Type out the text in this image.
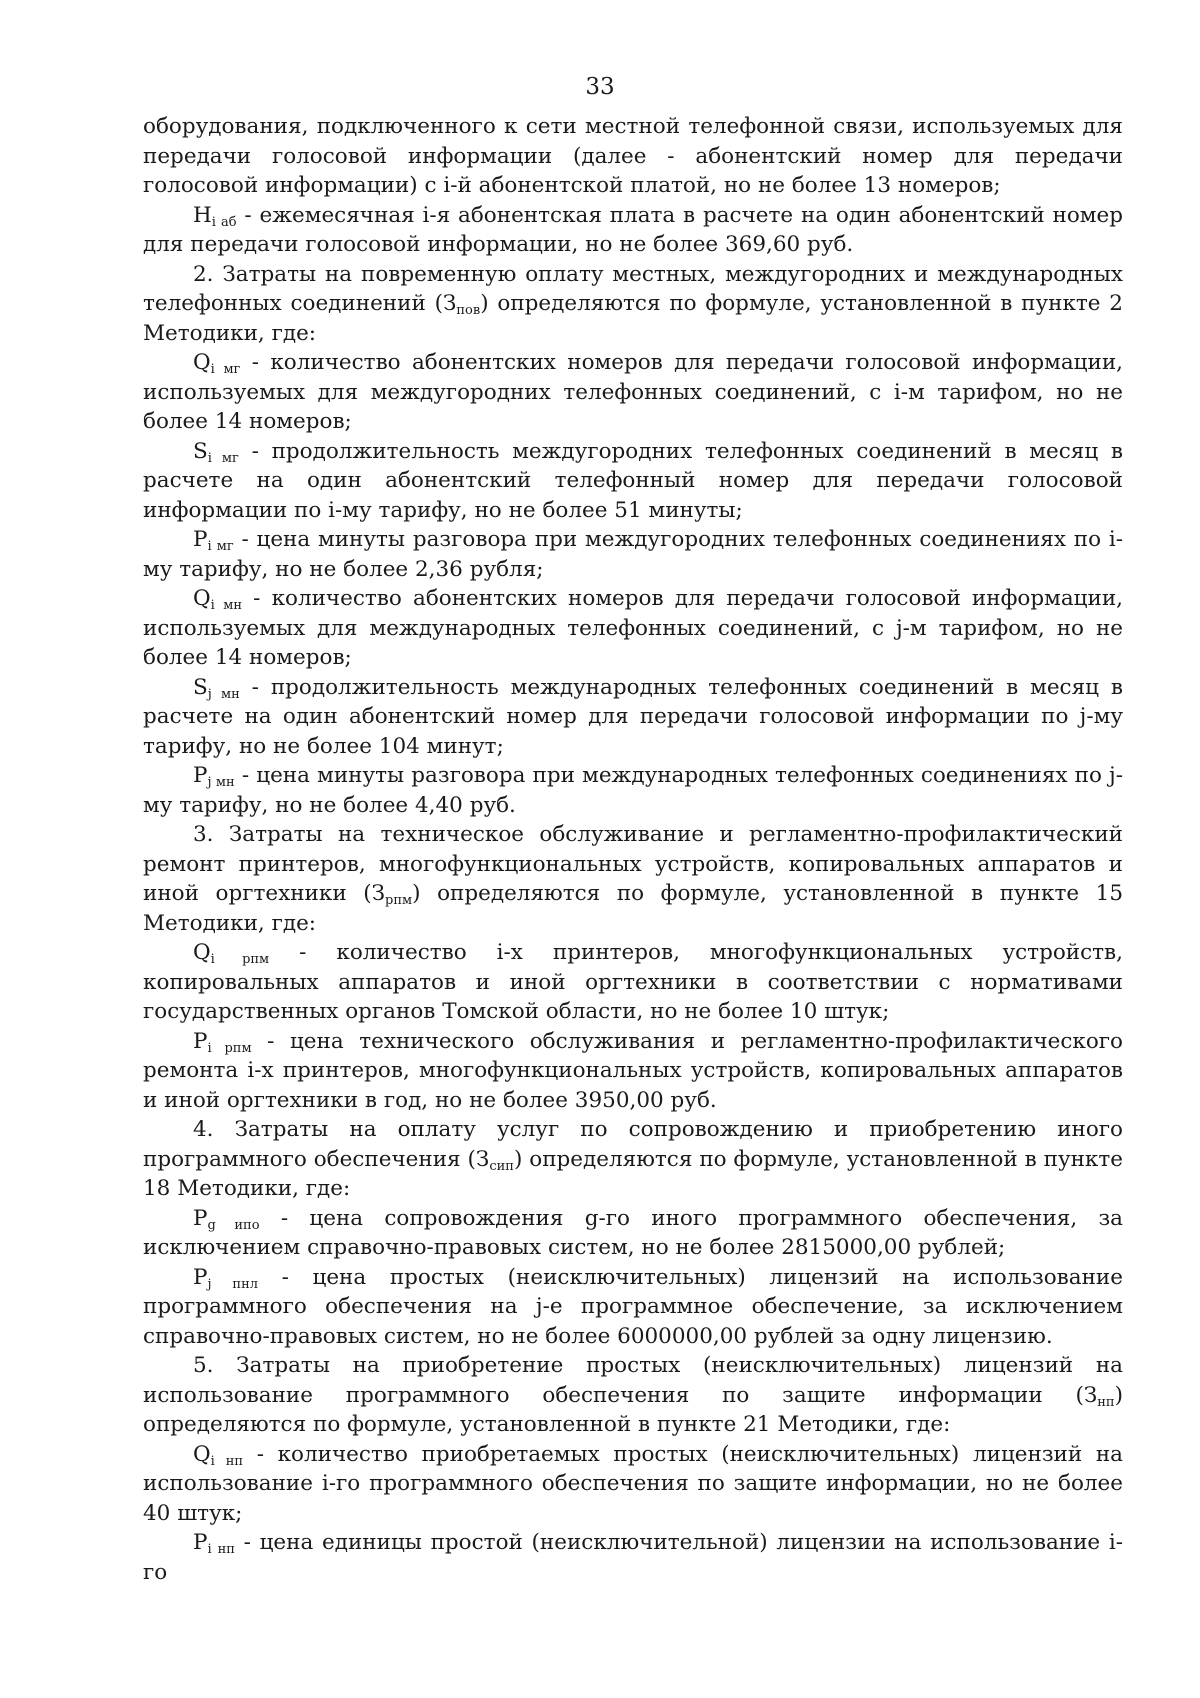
33

оборудования, подключенного к сети местной телефонной связи, используемых для передачи голосовой информации (далее - абонентский номер для передачи голосовой информации) с i-й абонентской платой, но не более 13 номеров;

$H_{i аб}$ - ежемесячная i-я абонентская плата в расчете на один абонентский номер для передачи голосовой информации, но не более 369,60 руб.

2. Затраты на повременную оплату местных, междугородних и международных телефонных соединений $(З_{пов})$ определяются по формуле, установленной в пункте 2 Методики, где:

$Q_{i мг}$ - количество абонентских номеров для передачи голосовой информации, используемых для междугородних телефонных соединений, с i-м тарифом, но не более 14 номеров;

$S_{i мг}$ - продолжительность междугородних телефонных соединений в месяц в расчете на один абонентский телефонный номер для передачи голосовой информации по i-му тарифу, но не более 51 минуты;

$P_{i мг}$ - цена минуты разговора при междугородних телефонных соединениях по i-му тарифу, но не более 2,36 рубля;

$Q_{i мн}$ - количество абонентских номеров для передачи голосовой информации, используемых для международных телефонных соединений, с j-м тарифом, но не более 14 номеров;

$S_{j мн}$ - продолжительность международных телефонных соединений в месяц в расчете на один абонентский номер для передачи голосовой информации по j-му тарифу, но не более 104 минут;

$P_{j мн}$ - цена минуты разговора при международных телефонных соединениях по j-му тарифу, но не более 4,40 руб.

3. Затраты на техническое обслуживание и регламентно-профилактический ремонт принтеров, многофункциональных устройств, копировальных аппаратов и иной оргтехники $(З_{рпм})$ определяются по формуле, установленной в пункте 15 Методики, где:

$Q_{i рпм}$ - количество i-х принтеров, многофункциональных устройств, копировальных аппаратов и иной оргтехники в соответствии с нормативами государственных органов Томской области, но не более 10 штук;

$P_{i рпм}$ - цена технического обслуживания и регламентно-профилактического ремонта i-х принтеров, многофункциональных устройств, копировальных аппаратов и иной оргтехники в год, но не более 3950,00 руб.

4. Затраты на оплату услуг по сопровождению и приобретению иного программного обеспечения $(З_{сип})$ определяются по формуле, установленной в пункте 18 Методики, где:

$P_{g ипо}$ - цена сопровождения g-го иного программного обеспечения, за исключением справочно-правовых систем, но не более 2815000,00 рублей;

$P_{j пнл}$ - цена простых (неисключительных) лицензий на использование программного обеспечения на j-е программное обеспечение, за исключением справочно-правовых систем, но не более 6000000,00 рублей за одну лицензию.

5. Затраты на приобретение простых (неисключительных) лицензий на использование программного обеспечения по защите информации $(З_{нп})$ определяются по формуле, установленной в пункте 21 Методики, где:

$Q_{i нп}$ - количество приобретаемых простых (неисключительных) лицензий на использование i-го программного обеспечения по защите информации, но не более 40 штук;

$P_{i нп}$ - цена единицы простой (неисключительной) лицензии на использование i-го
